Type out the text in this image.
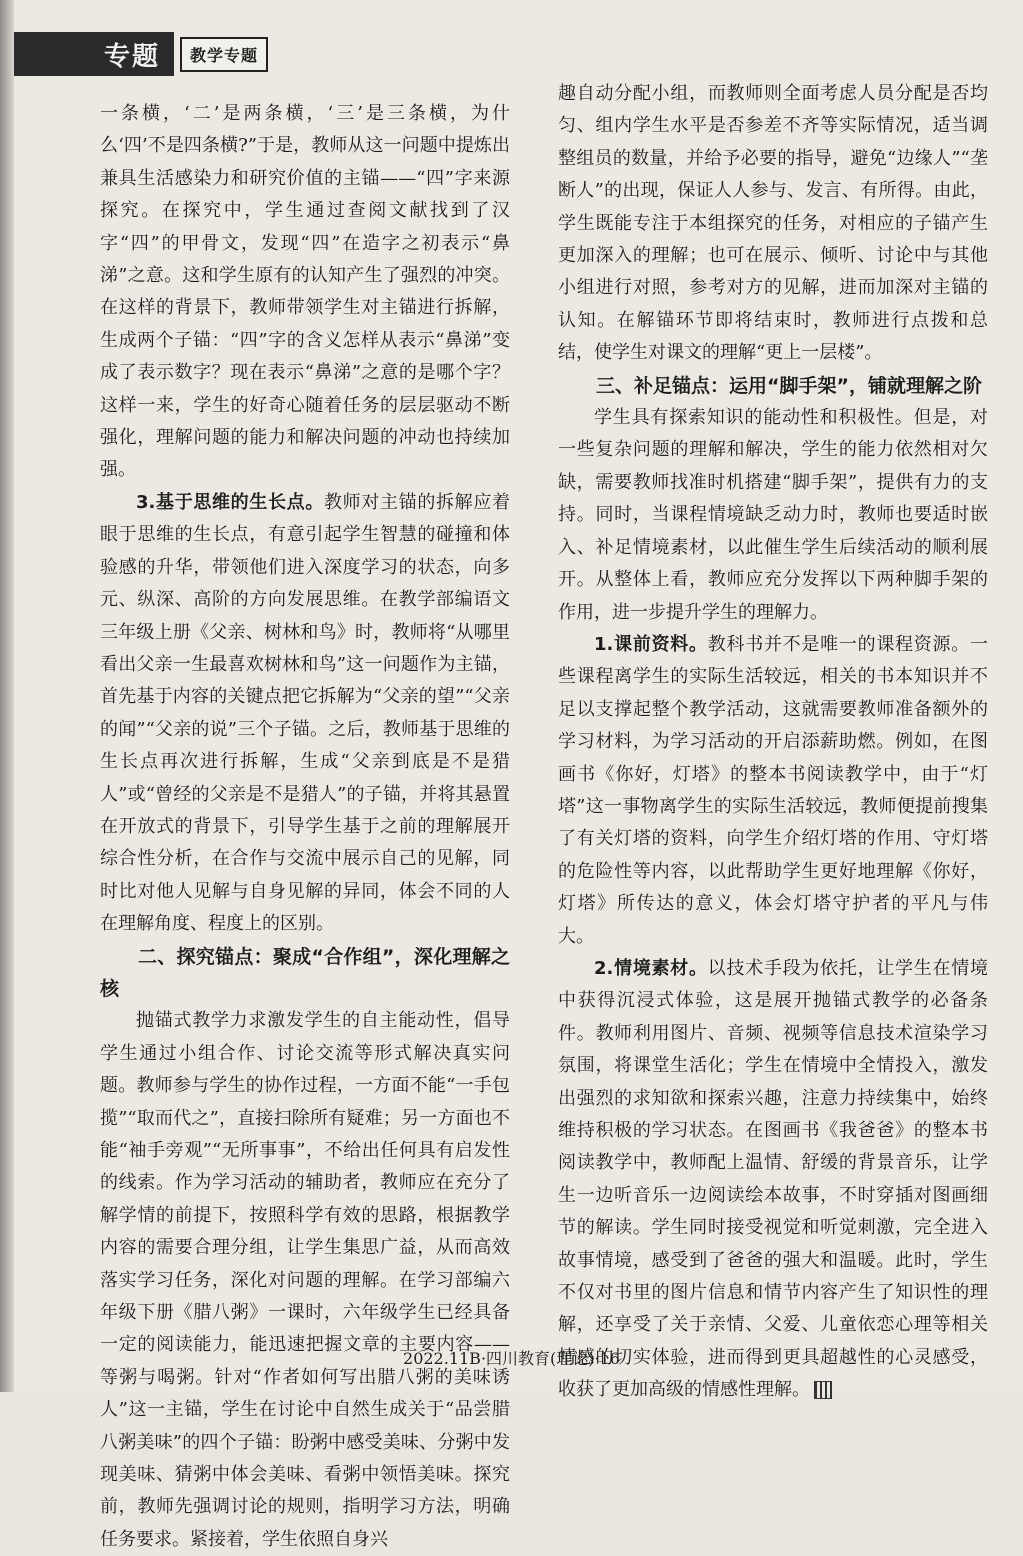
专题	教学专题

一条横，‘二’是两条横，‘三’是三条横，为什么‘四’不是四条横?”于是，教师从这一问题中提炼出兼具生活感染力和研究价值的主锚——“四”字来源探究。在探究中，学生通过查阅文献找到了汉字“四”的甲骨文，发现“四”在造字之初表示“鼻涕”之意。这和学生原有的认知产生了强烈的冲突。在这样的背景下，教师带领学生对主锚进行拆解，生成两个子锚：“四”字的含义怎样从表示“鼻涕”变成了表示数字？现在表示“鼻涕”之意的是哪个字？这样一来，学生的好奇心随着任务的层层驱动不断强化，理解问题的能力和解决问题的冲动也持续加强。

3.基于思维的生长点。教师对主锚的拆解应着眼于思维的生长点，有意引起学生智慧的碰撞和体验感的升华，带领他们进入深度学习的状态，向多元、纵深、高阶的方向发展思维。在教学部编语文三年级上册《父亲、树林和鸟》时，教师将“从哪里看出父亲一生最喜欢树林和鸟”这一问题作为主锚，首先基于内容的关键点把它拆解为“父亲的望”“父亲的闻”“父亲的说”三个子锚。之后，教师基于思维的生长点再次进行拆解，生成“父亲到底是不是猎人”或“曾经的父亲是不是猎人”的子锚，并将其悬置在开放式的背景下，引导学生基于之前的理解展开综合性分析，在合作与交流中展示自己的见解，同时比对他人见解与自身见解的异同，体会不同的人在理解角度、程度上的区别。

二、探究锚点：聚成“合作组”，深化理解之核

抛锚式教学力求激发学生的自主能动性，倡导学生通过小组合作、讨论交流等形式解决真实问题。教师参与学生的协作过程，一方面不能“一手包揽”“取而代之”，直接扫除所有疑难；另一方面也不能“袖手旁观”“无所事事”，不给出任何具有启发性的线索。作为学习活动的辅助者，教师应在充分了解学情的前提下，按照科学有效的思路，根据教学内容的需要合理分组，让学生集思广益，从而高效落实学习任务，深化对问题的理解。在学习部编六年级下册《腊八粥》一课时，六年级学生已经具备一定的阅读能力，能迅速把握文章的主要内容——等粥与喝粥。针对“作者如何写出腊八粥的美味诱人”这一主锚，学生在讨论中自然生成关于“品尝腊八粥美味”的四个子锚：盼粥中感受美味、分粥中发现美味、猜粥中体会美味、看粥中领悟美味。探究前，教师先强调讨论的规则，指明学习方法，明确任务要求。紧接着，学生依照自身兴

趣自动分配小组，而教师则全面考虑人员分配是否均匀、组内学生水平是否参差不齐等实际情况，适当调整组员的数量，并给予必要的指导，避免“边缘人”“垄断人”的出现，保证人人参与、发言、有所得。由此，学生既能专注于本组探究的任务，对相应的子锚产生更加深入的理解；也可在展示、倾听、讨论中与其他小组进行对照，参考对方的见解，进而加深对主锚的认知。在解锚环节即将结束时，教师进行点拨和总结，使学生对课文的理解“更上一层楼”。

三、补足锚点：运用“脚手架”，铺就理解之阶

学生具有探索知识的能动性和积极性。但是，对一些复杂问题的理解和解决，学生的能力依然相对欠缺，需要教师找准时机搭建“脚手架”，提供有力的支持。同时，当课程情境缺乏动力时，教师也要适时嵌入、补足情境素材，以此催生学生后续活动的顺利展开。从整体上看，教师应充分发挥以下两种脚手架的作用，进一步提升学生的理解力。

1.课前资料。教科书并不是唯一的课程资源。一些课程离学生的实际生活较远，相关的书本知识并不足以支撑起整个教学活动，这就需要教师准备额外的学习材料，为学习活动的开启添薪助燃。例如，在图画书《你好，灯塔》的整本书阅读教学中，由于“灯塔”这一事物离学生的实际生活较远，教师便提前搜集了有关灯塔的资料，向学生介绍灯塔的作用、守灯塔的危险性等内容，以此帮助学生更好地理解《你好，灯塔》所传达的意义，体会灯塔守护者的平凡与伟大。

2.情境素材。以技术手段为依托，让学生在情境中获得沉浸式体验，这是展开抛锚式教学的必备条件。教师利用图片、音频、视频等信息技术渲染学习氛围，将课堂生活化；学生在情境中全情投入，激发出强烈的求知欲和探索兴趣，注意力持续集中，始终维持积极的学习状态。在图画书《我爸爸》的整本书阅读教学中，教师配上温情、舒缓的背景音乐，让学生一边听音乐一边阅读绘本故事，不时穿插对图画细节的解读。学生同时接受视觉和听觉刺激，完全进入故事情境，感受到了爸爸的强大和温暖。此时，学生不仅对书里的图片信息和情节内容产生了知识性的理解，还享受了关于亲情、父爱、儿童依恋心理等相关情感的切实体验，进而得到更具超越性的心灵感受，收获了更加高级的情感性理解。

2022.11B·四川教育(理论)·16
